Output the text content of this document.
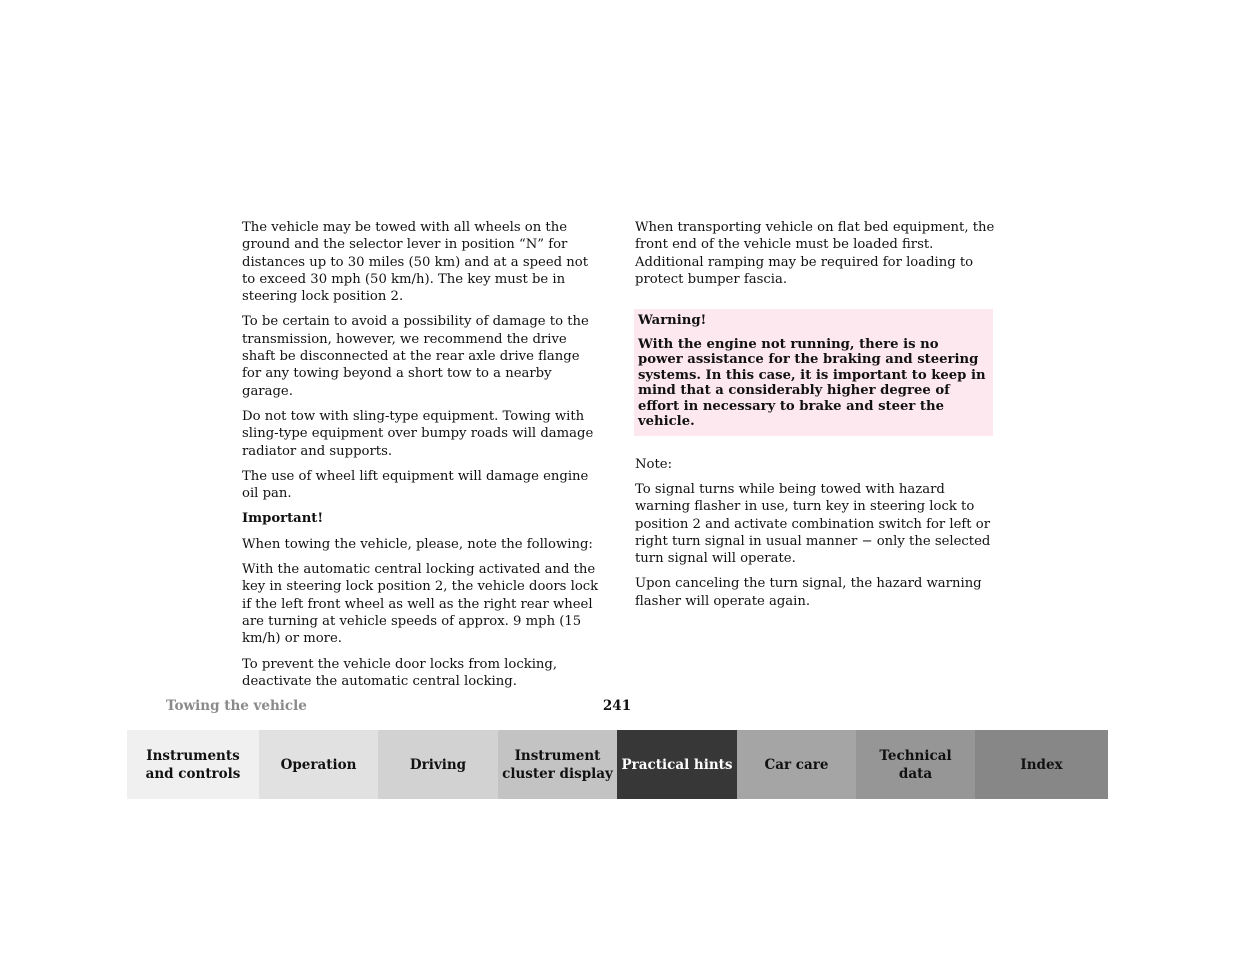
The vehicle may be towed with all wheels on the ground and the selector lever in position “N” for distances up to 30 miles (50 km) and at a speed not to exceed 30 mph (50 km/h). The key must be in steering lock position 2.

To be certain to avoid a possibility of damage to the transmission, however, we recommend the drive shaft be disconnected at the rear axle drive flange for any towing beyond a short tow to a nearby garage.

Do not tow with sling-type equipment. Towing with sling-type equipment over bumpy roads will damage radiator and supports.

The use of wheel lift equipment will damage engine oil pan.

Important!

When towing the vehicle, please, note the following:

With the automatic central locking activated and the key in steering lock position 2, the vehicle doors lock if the left front wheel as well as the right rear wheel are turning at vehicle speeds of approx. 9 mph (15 km/h) or more.

To prevent the vehicle door locks from locking, deactivate the automatic central locking.

When transporting vehicle on flat bed equipment, the front end of the vehicle must be loaded first. Additional ramping may be required for loading to protect bumper fascia.

Warning!

With the engine not running, there is no power assistance for the braking and steering systems. In this case, it is important to keep in mind that a considerably higher degree of effort in necessary to brake and steer the vehicle.

Note:

To signal turns while being towed with hazard warning flasher in use, turn key in steering lock to position 2 and activate combination switch for left or right turn signal in usual manner − only the selected turn signal will operate.

Upon canceling the turn signal, the hazard warning flasher will operate again.

Towing the vehicle	241
Instruments
and controls
Operation	Driving
Instrument
cluster display
Practical hints	Car care
Technical
data
Index
